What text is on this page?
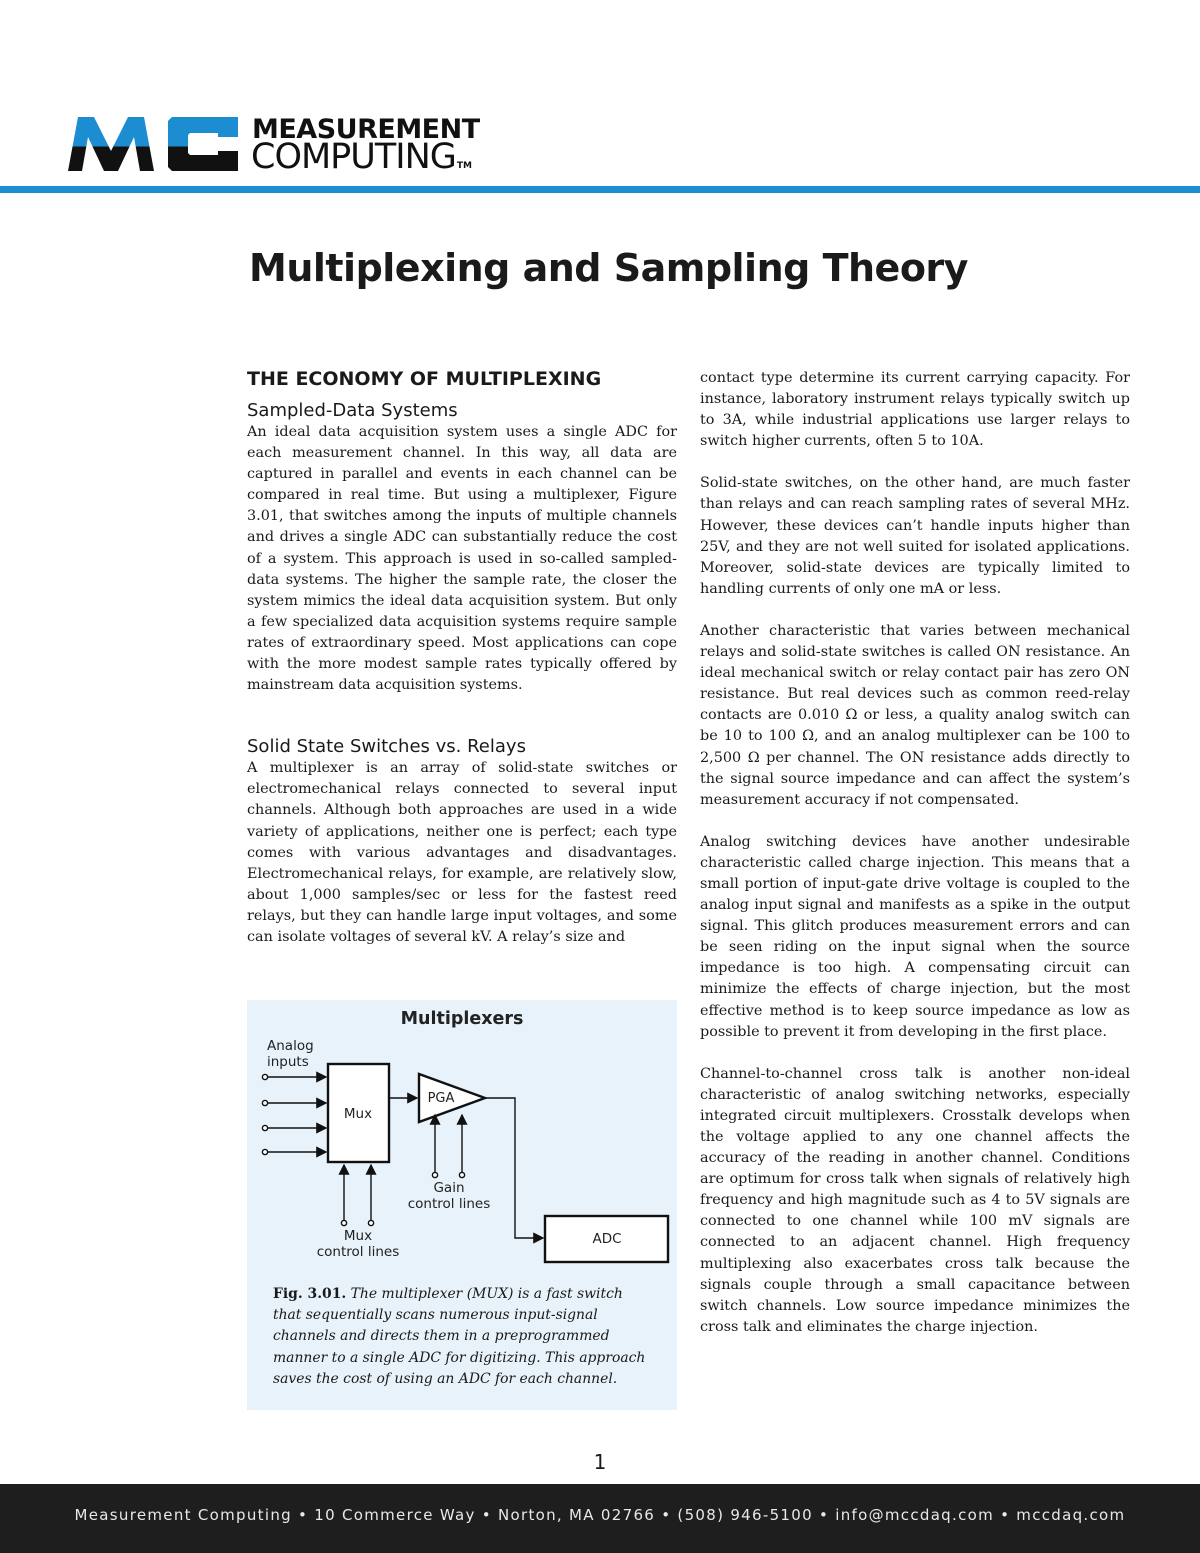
MEASUREMENT
COMPUTINGTM
Multiplexing and Sampling Theory
THE ECONOMY OF MULTIPLEXING
Sampled-Data Systems

An ideal data acquisition system uses a single ADC for each measurement channel. In this way, all data are captured in parallel and events in each channel can be compared in real time. But using a multiplexer, Figure 3.01, that switches among the inputs of multiple channels and drives a single ADC can substantially reduce the cost of a system. This approach is used in so-called sampled-data systems. The higher the sample rate, the closer the system mimics the ideal data acquisition system. But only a few specialized data acquisition systems require sample rates of extraordinary speed. Most applications can cope with the more modest sample rates typically offered by mainstream data acquisition systems.

Solid State Switches vs. Relays

A multiplexer is an array of solid-state switches or electromechanical relays connected to several input channels. Although both approaches are used in a wide variety of applications, neither one is perfect; each type comes with various advantages and disadvantages. Electromechanical relays, for example, are relatively slow, about 1,000 samples/sec or less for the fastest reed relays, but they can handle large input voltages, and some can isolate voltages of several kV. A relay’s size and

Multiplexers
Analog
inputs
Mux
PGA
ADC
Gain
control lines
Mux
control lines

Fig. 3.01. The multiplexer (MUX) is a fast switch that sequentially scans numerous input-signal channels and directs them in a preprogrammed manner to a single ADC for digitizing. This approach saves the cost of using an ADC for each channel.

contact type determine its current carrying capacity. For instance, laboratory instrument relays typically switch up to 3A, while industrial applications use larger relays to switch higher currents, often 5 to 10A.

Solid-state switches, on the other hand, are much faster than relays and can reach sampling rates of several MHz. However, these devices can’t handle inputs higher than 25V, and they are not well suited for isolated applications. Moreover, solid-state devices are typically limited to handling currents of only one mA or less.

Another characteristic that varies between mechanical relays and solid-state switches is called ON resistance. An ideal mechanical switch or relay contact pair has zero ON resistance. But real devices such as common reed-relay contacts are 0.010 Ω or less, a quality analog switch can be 10 to 100 Ω, and an analog multiplexer can be 100 to 2,500 Ω per channel. The ON resistance adds directly to the signal source impedance and can affect the system’s measurement accuracy if not compensated.

Analog switching devices have another undesirable characteristic called charge injection. This means that a small portion of input-gate drive voltage is coupled to the analog input signal and manifests as a spike in the output signal. This glitch produces measurement errors and can be seen riding on the input signal when the source impedance is too high. A compensating circuit can minimize the effects of charge injection, but the most effective method is to keep source impedance as low as possible to prevent it from developing in the first place.

Channel-to-channel cross talk is another non-ideal characteristic of analog switching networks, especially integrated circuit multiplexers. Crosstalk develops when the voltage applied to any one channel affects the accuracy of the reading in another channel. Conditions are optimum for cross talk when signals of relatively high frequency and high magnitude such as 4 to 5V signals are connected to one channel while 100 mV signals are connected to an adjacent channel. High frequency multiplexing also exacerbates cross talk because the signals couple through a small capacitance between switch channels. Low source impedance minimizes the cross talk and eliminates the charge injection.

1
Measurement Computing • 10 Commerce Way • Norton, MA 02766 • (508) 946-5100 • info@mccdaq.com • mccdaq.com
